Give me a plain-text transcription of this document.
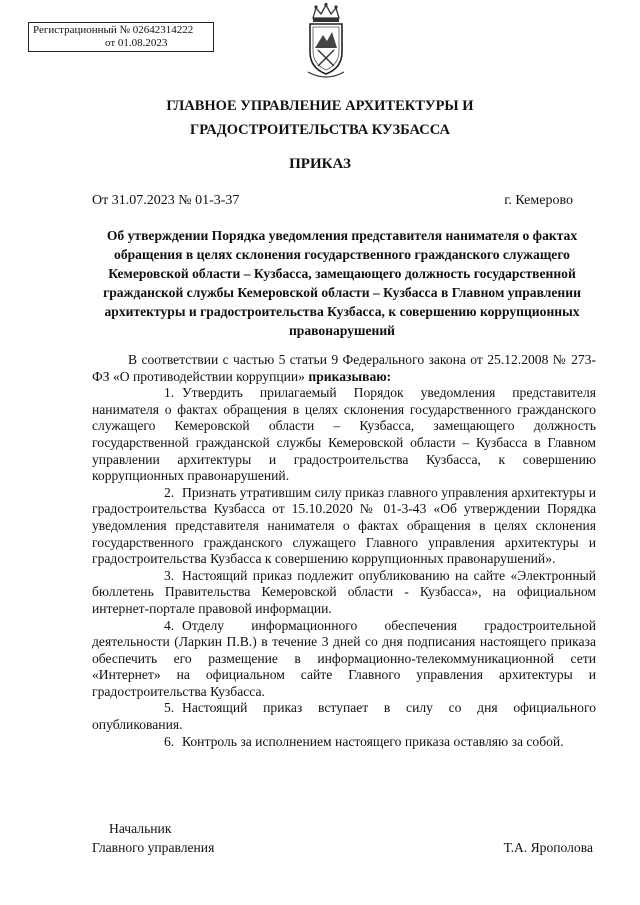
Регистрационный № 02642314222
от 01.08.2023
ГЛАВНОЕ УПРАВЛЕНИЕ АРХИТЕКТУРЫ И
ГРАДОСТРОИТЕЛЬСТВА КУЗБАССА
ПРИКАЗ
От 31.07.2023 № 01-3-37	г. Кемерово
Об утверждении Порядка уведомления представителя нанимателя о фактах обращения в целях склонения государственного гражданского служащего Кемеровской области – Кузбасса, замещающего должность государственной гражданской службы Кемеровской области – Кузбасса в Главном управлении архитектуры и градостроительства Кузбасса, к совершению коррупционных правонарушений

В соответствии с частью 5 статьи 9 Федерального закона от 25.12.2008 № 273-ФЗ «О противодействии коррупции» приказываю:

1. Утвердить прилагаемый Порядок уведомления представителя нанимателя о фактах обращения в целях склонения государственного гражданского служащего Кемеровской области – Кузбасса, замещающего должность государственной гражданской службы Кемеровской области – Кузбасса в Главном управлении архитектуры и градостроительства Кузбасса, к совершению коррупционных правонарушений.

2. Признать утратившим силу приказ главного управления архитектуры и градостроительства Кузбасса от 15.10.2020 № 01-3-43 «Об утверждении Порядка уведомления представителя нанимателя о фактах обращения в целях склонения государственного гражданского служащего Главного управления архитектуры и градостроительства Кузбасса к совершению коррупционных правонарушений».

3. Настоящий приказ подлежит опубликованию на сайте «Электронный бюллетень Правительства Кемеровской области - Кузбасса», на официальном интернет-портале правовой информации.

4. Отделу информационного обеспечения градостроительной деятельности (Ларкин П.В.) в течение 3 дней со дня подписания настоящего приказа обеспечить его размещение в информационно-телекоммуникационной сети «Интернет» на официальном сайте Главного управления архитектуры и градостроительства Кузбасса.

5. Настоящий приказ вступает в силу со дня официального опубликования.

6. Контроль за исполнением настоящего приказа оставляю за собой.

Начальник
Главного управления	Т.А. Ярополова
